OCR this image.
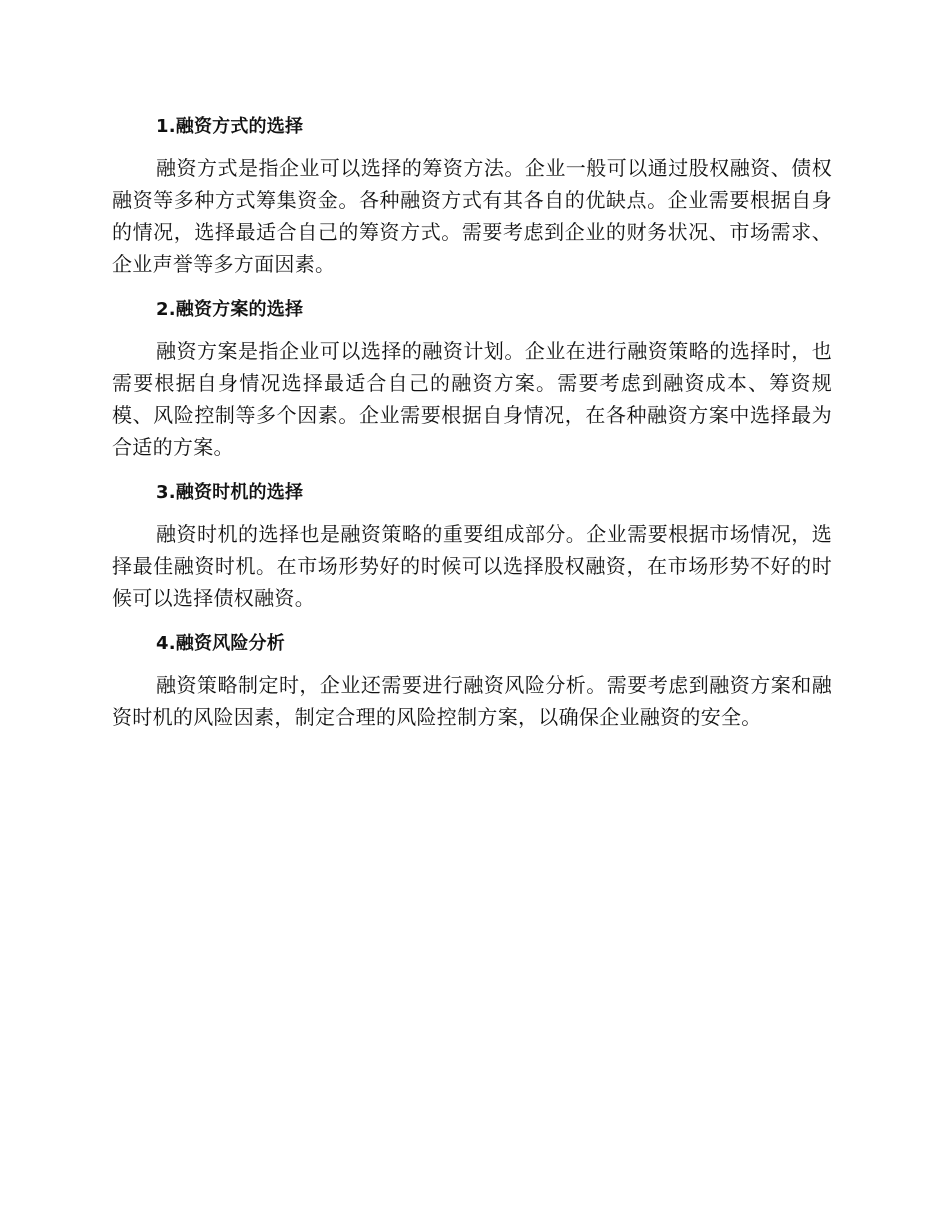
1.融资方式的选择

融资方式是指企业可以选择的筹资方法。企业一般可以通过股权融资、债权融资等多种方式筹集资金。各种融资方式有其各自的优缺点。企业需要根据自身的情况，选择最适合自己的筹资方式。需要考虑到企业的财务状况、市场需求、企业声誉等多方面因素。

2.融资方案的选择

融资方案是指企业可以选择的融资计划。企业在进行融资策略的选择时，也需要根据自身情况选择最适合自己的融资方案。需要考虑到融资成本、筹资规模、风险控制等多个因素。企业需要根据自身情况，在各种融资方案中选择最为合适的方案。

3.融资时机的选择

融资时机的选择也是融资策略的重要组成部分。企业需要根据市场情况，选择最佳融资时机。在市场形势好的时候可以选择股权融资，在市场形势不好的时候可以选择债权融资。

4.融资风险分析

融资策略制定时，企业还需要进行融资风险分析。需要考虑到融资方案和融资时机的风险因素，制定合理的风险控制方案，以确保企业融资的安全。
